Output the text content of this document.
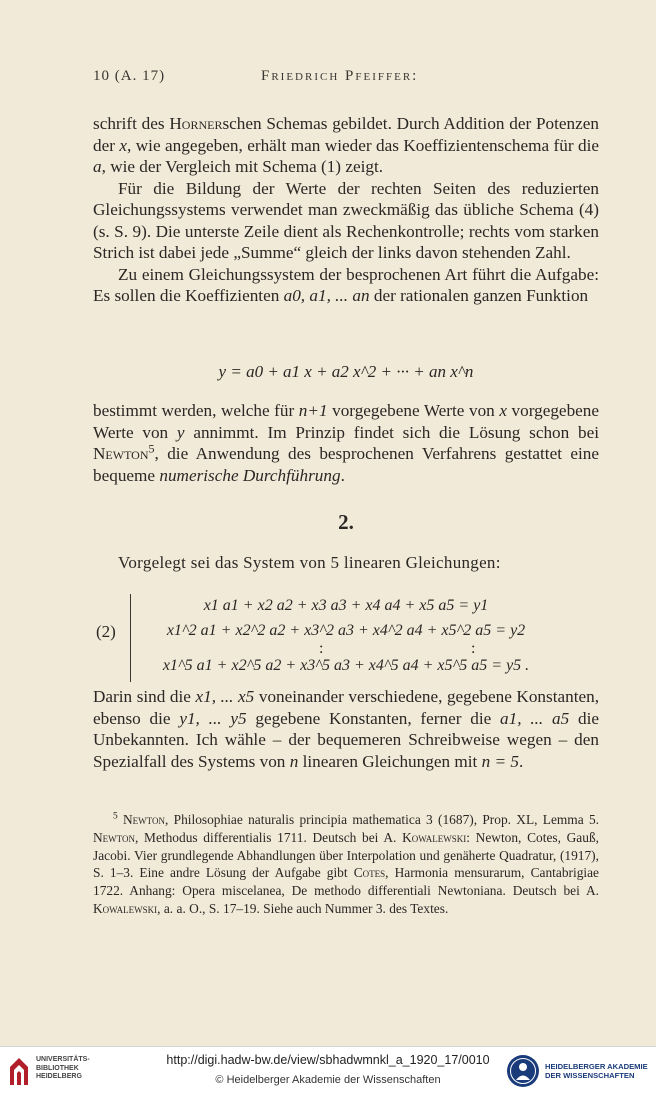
10 (A. 17)	Friedrich Pfeiffer:

schrift des Hornerschen Schemas gebildet. Durch Addition der Potenzen der x, wie angegeben, erhält man wieder das Koeffizientenschema für die a, wie der Vergleich mit Schema (1) zeigt.

Für die Bildung der Werte der rechten Seiten des reduzierten Gleichungssystems verwendet man zweckmäßig das übliche Schema (4) (s. S. 9). Die unterste Zeile dient als Rechenkontrolle; rechts vom starken Strich ist dabei jede „Summe“ gleich der links davon stehenden Zahl.

Zu einem Gleichungssystem der besprochenen Art führt die Aufgabe: Es sollen die Koeffizienten a0, a1, ... an der rationalen ganzen Funktion

y = a0 + a1 x + a2 x^2 + ··· + an x^n

bestimmt werden, welche für n+1 vorgegebene Werte von x vorgegebene Werte von y annimmt. Im Prinzip findet sich die Lösung schon bei Newton$^5$, die Anwendung des besprochenen Verfahrens gestattet eine bequeme numerische Durchführung.

2.
Vorgelegt sei das System von 5 linearen Gleichungen:
(2)
x1 a1 + x2 a2 + x3 a3 + x4 a4 + x5 a5 = y1
x1^2 a1 + x2^2 a2 + x3^2 a3 + x4^2 a4 + x5^2 a5 = y2
:	:
x1^5 a1 + x2^5 a2 + x3^5 a3 + x4^5 a4 + x5^5 a5 = y5 .
Darin sind die x1, ... x5 voneinander verschiedene, gegebene Konstanten, ebenso die y1, ... y5 gegebene Konstanten, ferner die a1, ... a5 die Unbekannten. Ich wähle – der bequemeren Schreibweise wegen – den Spezialfall des Systems von n linearen Gleichungen mit n = 5.

$^5$ Newton, Philosophiae naturalis principia mathematica 3 (1687), Prop. XL, Lemma 5. Newton, Methodus differentialis 1711. Deutsch bei A. Kowalewski: Newton, Cotes, Gauß, Jacobi. Vier grundlegende Abhandlungen über Interpolation und genäherte Quadratur, (1917), S. 1–3. Eine andre Lösung der Aufgabe gibt Cotes, Harmonia mensurarum, Cantabrigiae 1722. Anhang: Opera miscelanea, De methodo differentiali Newtoniana. Deutsch bei A. Kowalewski, a. a. O., S. 17–19. Siehe auch Nummer 3. des Textes.

UNIVERSITÄTS-
BIBLIOTHEK
HEIDELBERG
http://digi.hadw-bw.de/view/sbhadwmnkl_a_1920_17/0010
© Heidelberger Akademie der Wissenschaften
HEIDELBERGER AKADEMIE
DER WISSENSCHAFTEN
